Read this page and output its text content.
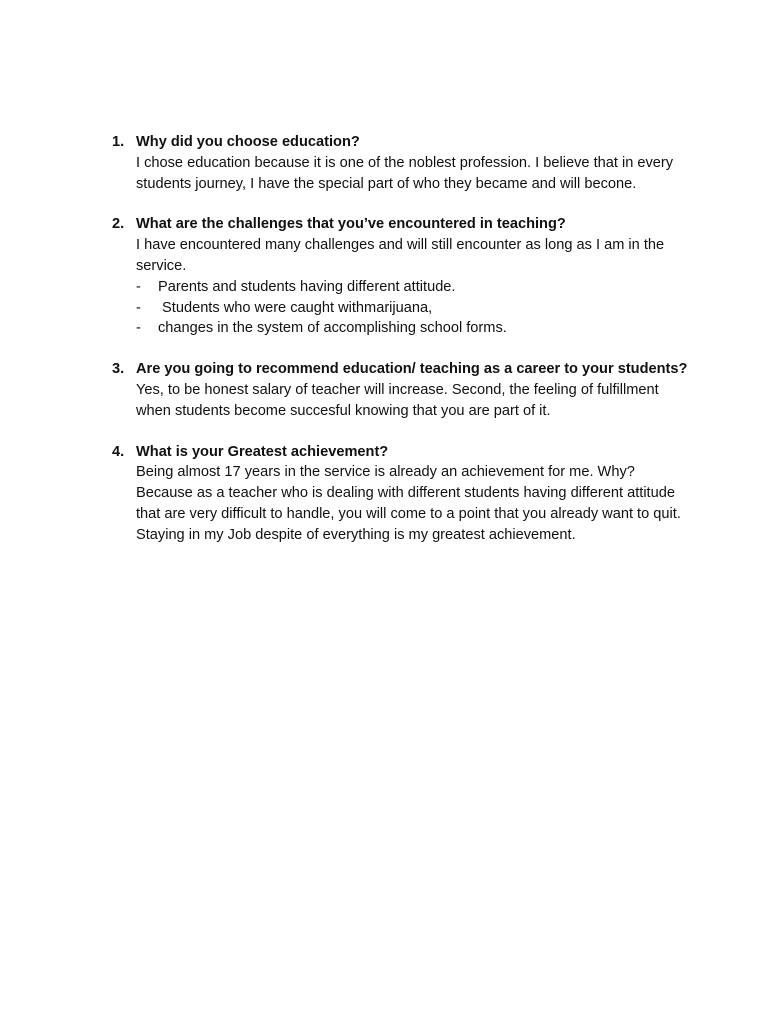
1. Why did you choose education?
I chose education because it is one of the noblest profession. I believe that in every students journey, I have the special part of who they became and will becone.
2. What are the challenges that you’ve encountered in teaching?
I have encountered many challenges and will still encounter as long as I am in the service.
- Parents and students having different attitude.
- Students who were caught withmarijuana,
- changes in the system of accomplishing school forms.
3. Are you going to recommend education/ teaching as a career to your students?
Yes, to be honest salary of teacher will increase. Second, the feeling of fulfillment when students become succesful knowing that you are part of it.
4. What is your Greatest achievement?
Being almost 17 years in the service is already an achievement for me. Why? Because as a teacher who is dealing with different students having different attitude that are very difficult to handle, you will come to a point that you already want to quit. Staying in my Job despite of everything is my greatest achievement.
